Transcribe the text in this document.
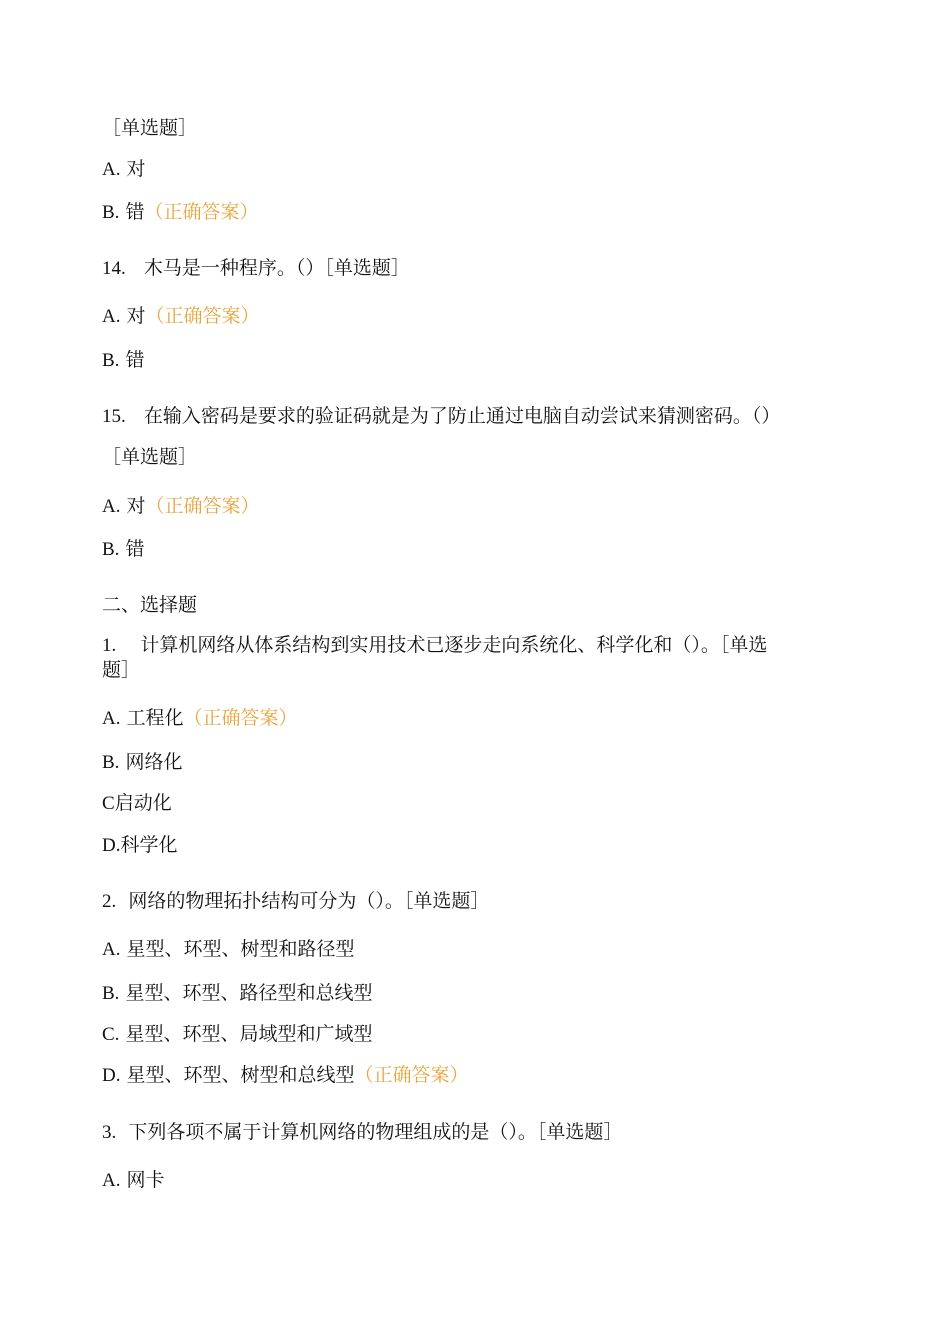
［单选题］
A. 对
B. 错（正确答案）
14. 木马是一种程序。（）［单选题］
A. 对（正确答案）
B. 错
15. 在输入密码是要求的验证码就是为了防止通过电脑自动尝试来猜测密码。（）
［单选题］
A. 对（正确答案）
B. 错
二、选择题
1. 计算机网络从体系结构到实用技术已逐步走向系统化、科学化和（）。［单选
题］
A. 工程化（正确答案）
B. 网络化
C启动化
D.科学化
2. 网络的物理拓扑结构可分为（）。［单选题］
A. 星型、环型、树型和路径型
B. 星型、环型、路径型和总线型
C. 星型、环型、局域型和广域型
D. 星型、环型、树型和总线型（正确答案）
3. 下列各项不属于计算机网络的物理组成的是（）。［单选题］
A. 网卡
